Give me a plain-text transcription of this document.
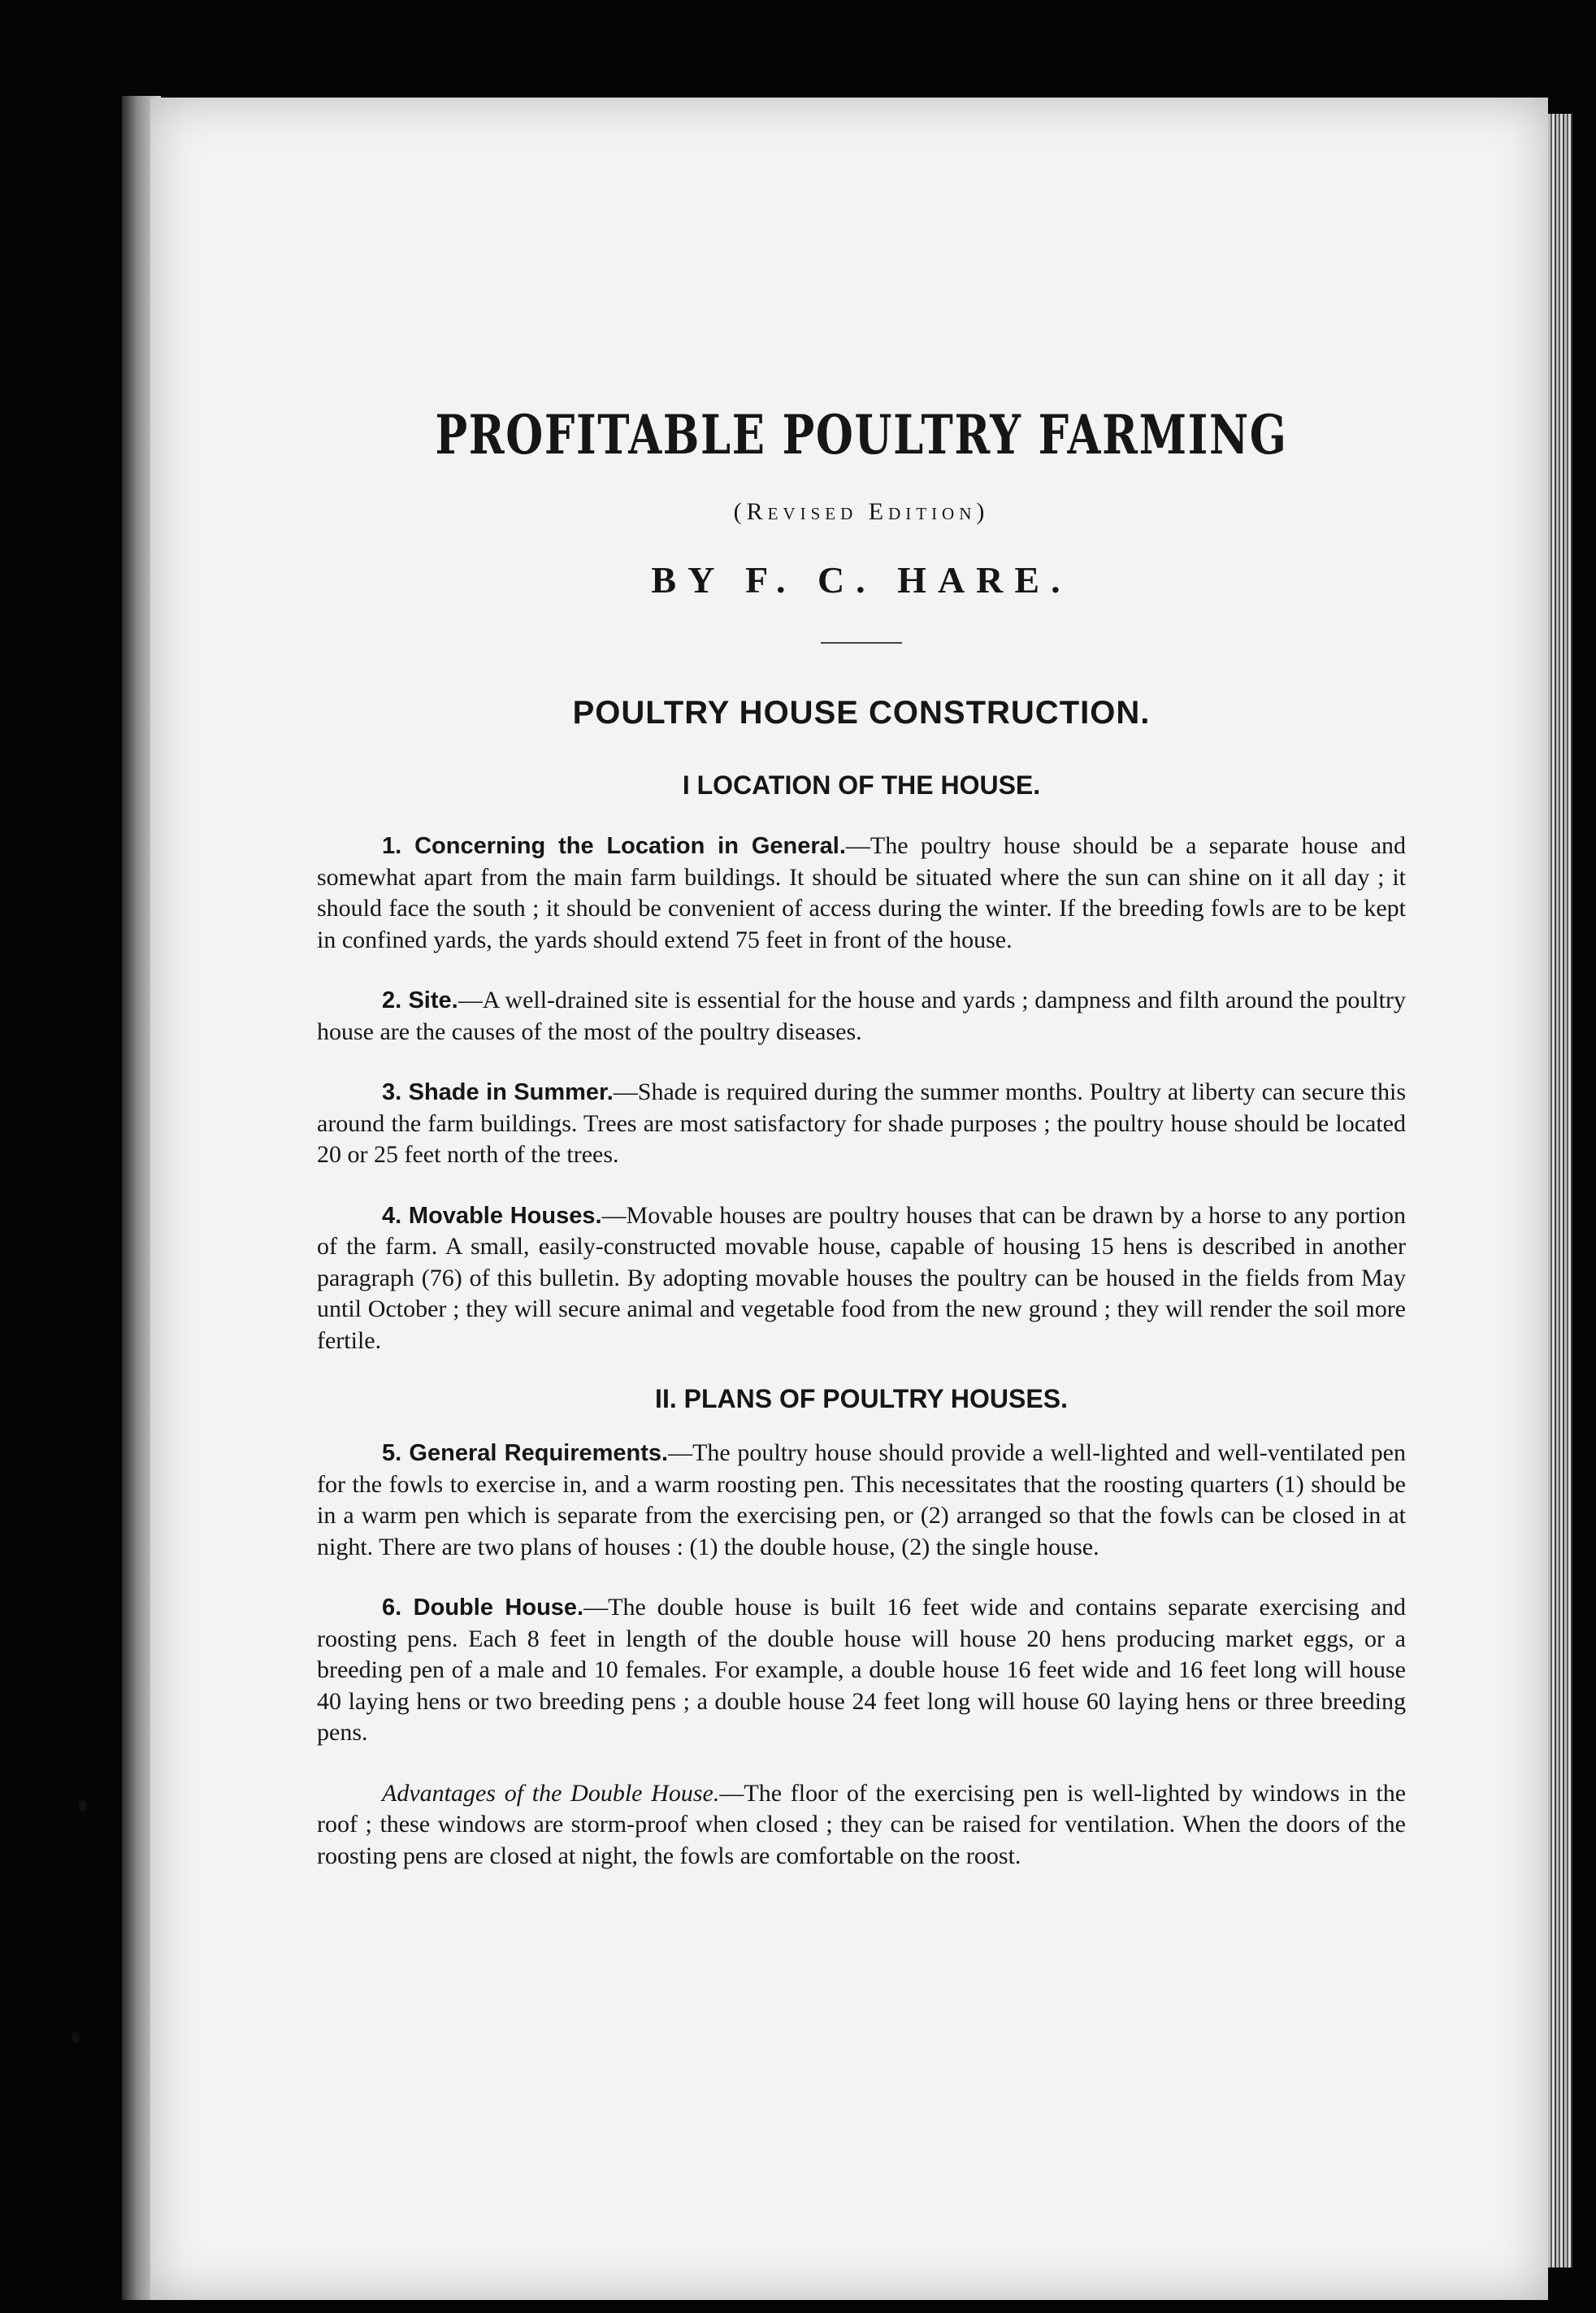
PROFITABLE POULTRY FARMING
(Revised Edition)
BY F. C. HARE.
POULTRY HOUSE CONSTRUCTION.
I LOCATION OF THE HOUSE.

1. Concerning the Location in General.—The poultry house should be a separate house and somewhat apart from the main farm buildings. It should be situated where the sun can shine on it all day ; it should face the south ; it should be convenient of access during the winter. If the breeding fowls are to be kept in confined yards, the yards should extend 75 feet in front of the house.

2. Site.—A well-drained site is essential for the house and yards ; dampness and filth around the poultry house are the causes of the most of the poultry diseases.

3. Shade in Summer.—Shade is required during the summer months. Poultry at liberty can secure this around the farm buildings. Trees are most satisfactory for shade purposes ; the poultry house should be located 20 or 25 feet north of the trees.

4. Movable Houses.—Movable houses are poultry houses that can be drawn by a horse to any portion of the farm. A small, easily-constructed movable house, capable of housing 15 hens is described in another paragraph (76) of this bulletin. By adopting movable houses the poultry can be housed in the fields from May until October ; they will secure animal and vegetable food from the new ground ; they will render the soil more fertile.

II. PLANS OF POULTRY HOUSES.

5. General Requirements.—The poultry house should provide a well-lighted and well-ventilated pen for the fowls to exercise in, and a warm roosting pen. This necessitates that the roosting quarters (1) should be in a warm pen which is separate from the exercising pen, or (2) arranged so that the fowls can be closed in at night. There are two plans of houses : (1) the double house, (2) the single house.

6. Double House.—The double house is built 16 feet wide and contains separate exercising and roosting pens. Each 8 feet in length of the double house will house 20 hens producing market eggs, or a breeding pen of a male and 10 females. For example, a double house 16 feet wide and 16 feet long will house 40 laying hens or two breeding pens ; a double house 24 feet long will house 60 laying hens or three breeding pens.

Advantages of the Double House.—The floor of the exercising pen is well-lighted by windows in the roof ; these windows are storm-proof when closed ; they can be raised for ventilation. When the doors of the roosting pens are closed at night, the fowls are comfortable on the roost.
